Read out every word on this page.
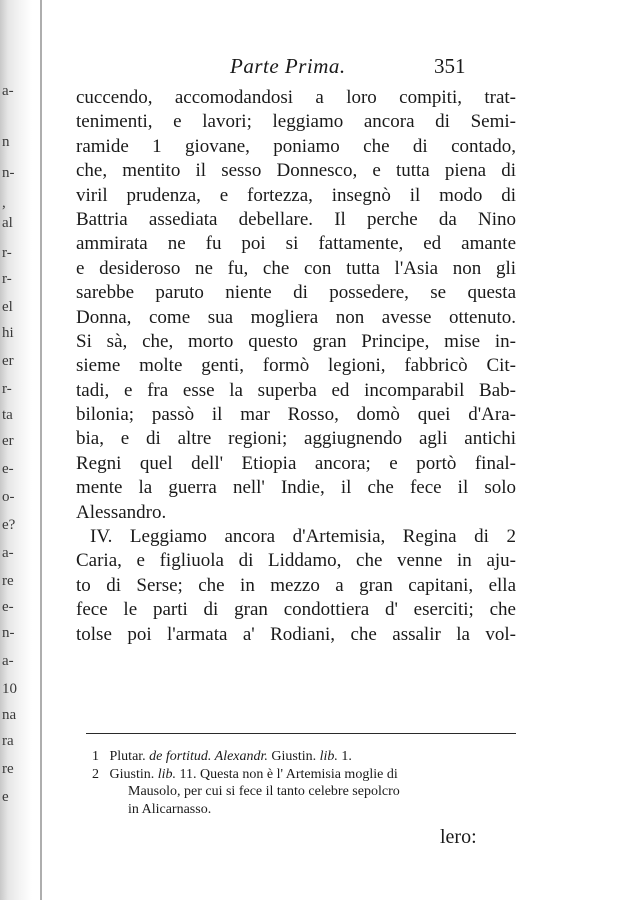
a-
n
n-
,
al
r-
r-
el
hi
er
r-
ta
er
e-
o-
e?
a-
re
e-
n-
a-
10
na
ra
re
e
Parte Prima.	351

cuccendo, accomodandosi a loro compiti, trat-
tenimenti, e lavori; leggiamo ancora di Semi-
ramide 1 giovane, poniamo che di contado,
che, mentito il sesso Donnesco, e tutta piena di
viril prudenza, e fortezza, insegnò il modo di
Battria assediata debellare. Il perche da Nino
ammirata ne fu poi si fattamente, ed amante
e desideroso ne fu, che con tutta l'Asia non gli
sarebbe paruto niente di possedere, se questa
Donna, come sua mogliera non avesse ottenuto.
Si sà, che, morto questo gran Principe, mise in-
sieme molte genti, formò legioni, fabbricò Cit-
tadi, e fra esse la superba ed incomparabil Bab-
bilonia; passò il mar Rosso, domò quei d'Ara-
bia, e di altre regioni; aggiugnendo agli antichi
Regni quel dell' Etiopia ancora; e portò final-
mente la guerra nell' Indie, il che fece il solo
Alessandro.

IV. Leggiamo ancora d'Artemisia, Regina di 2
Caria, e figliuola di Liddamo, che venne in aju-
to di Serse; che in mezzo a gran capitani, ella
fece le parti di gran condottiera d' eserciti; che
tolse poi l'armata a' Rodiani, che assalir la vol-

1 Plutar. de fortitud. Alexandr. Giustin. lib. 1.
2 Giustin. lib. 11. Questa non è l' Artemisia moglie di
Mausolo, per cui si fece il tanto celebre sepolcro
in Alicarnasso.
lero:
